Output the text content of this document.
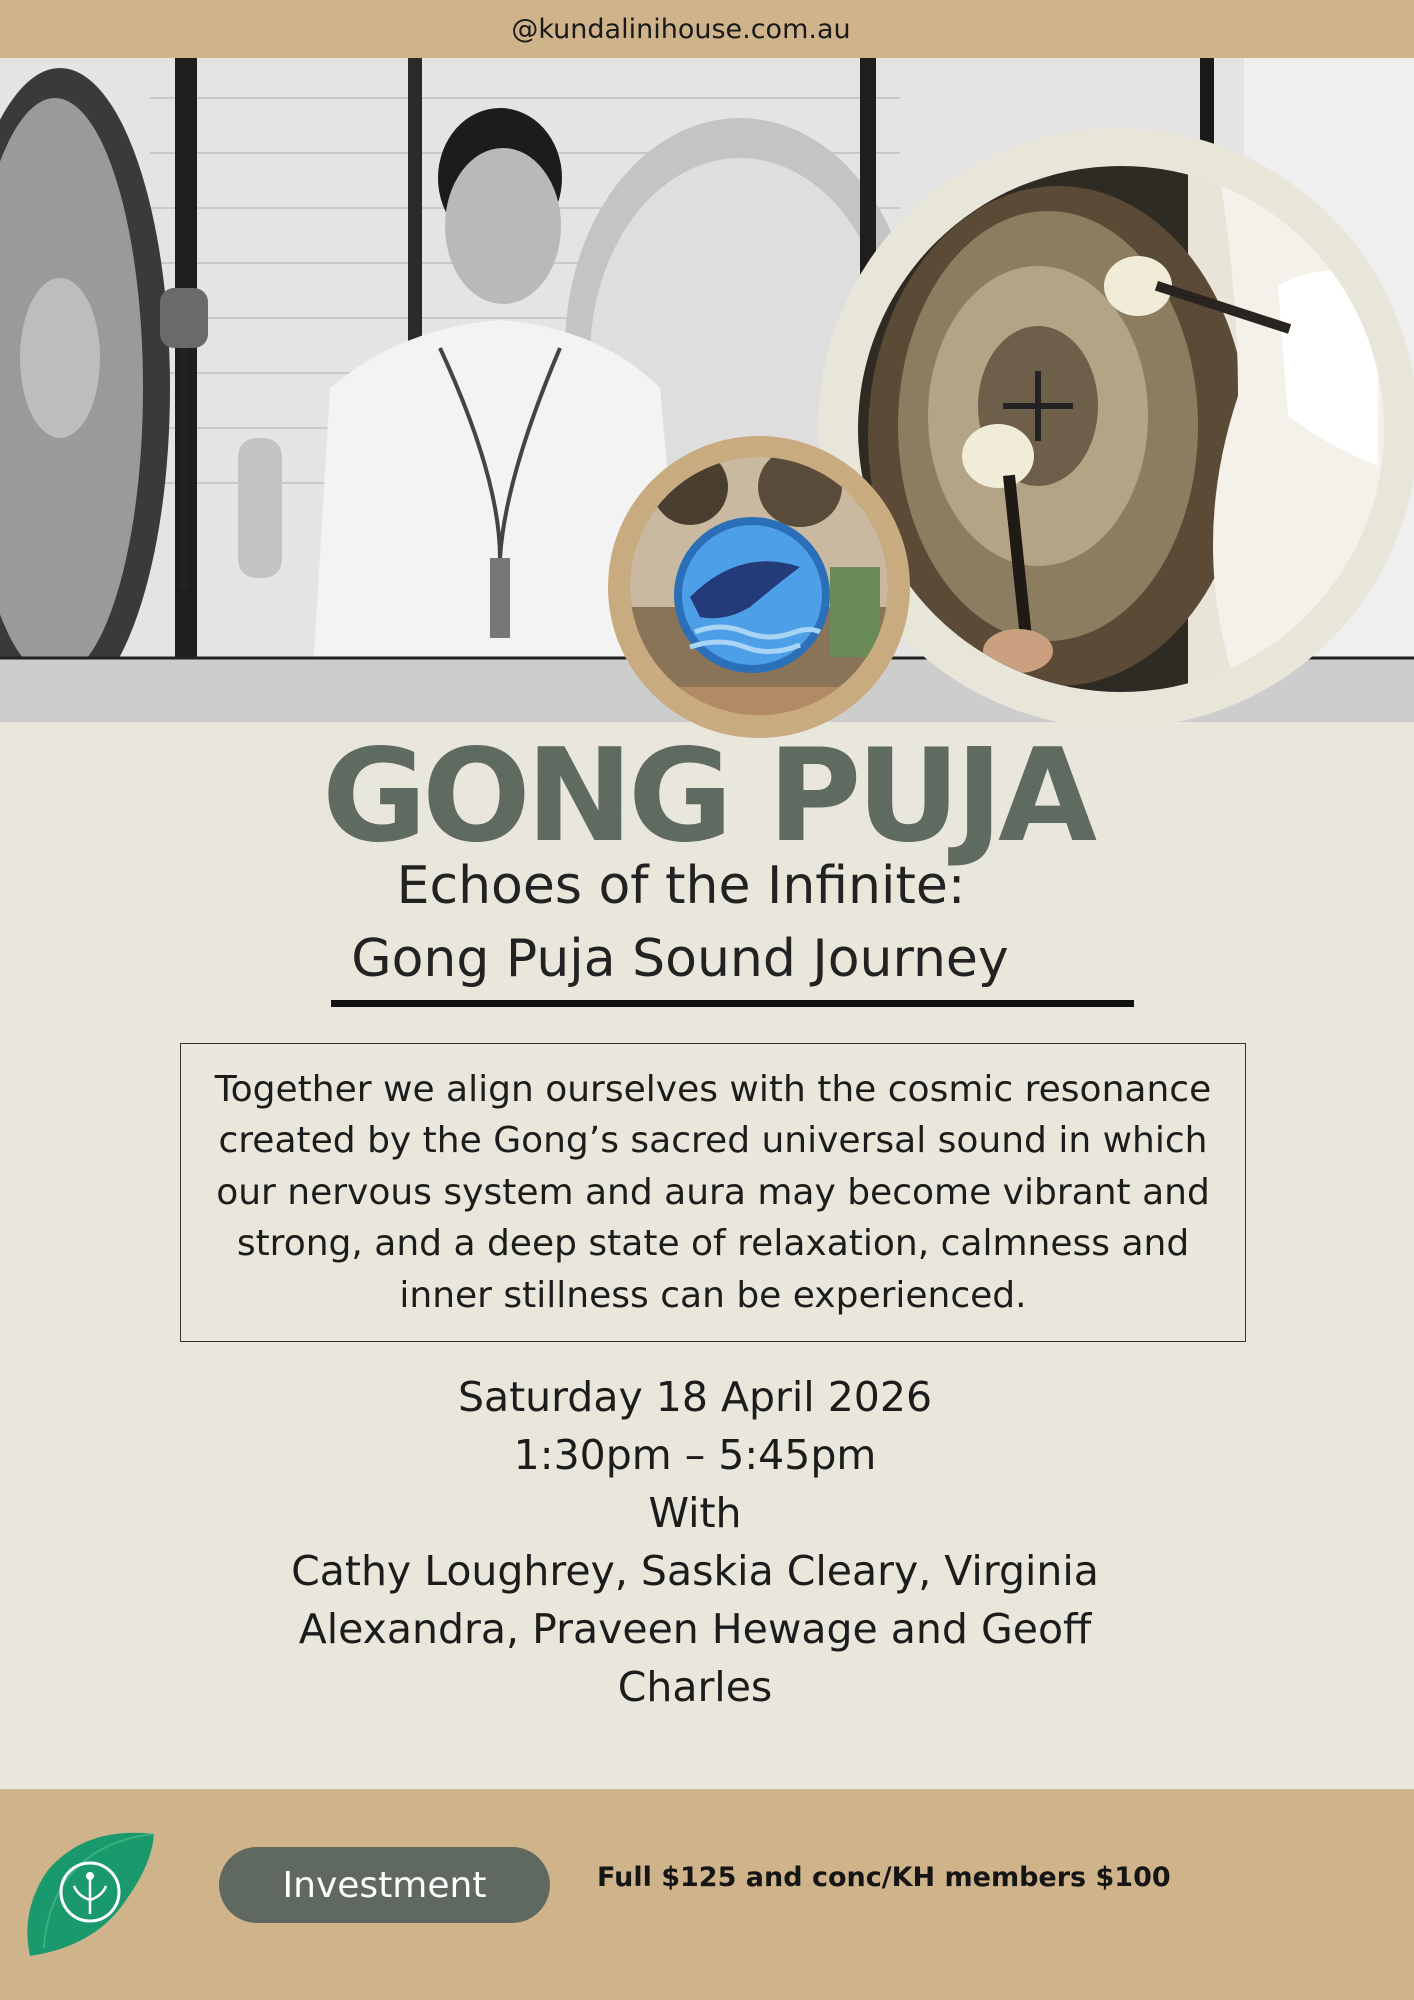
@kundalinihouse.com.au
GONG PUJA
Echoes of the Infinite:
Gong Puja Sound Journey

Together we align ourselves with the cosmic resonance created by the Gong’s sacred universal sound in which our nervous system and aura may become vibrant and strong, and a deep state of relaxation, calmness and inner stillness can be experienced.

Saturday 18 April 2026
1:30pm – 5:45pm
With
Cathy Loughrey, Saskia Cleary, Virginia Alexandra, Praveen Hewage and Geoff Charles
Investment	Full $125 and conc/KH members $100
